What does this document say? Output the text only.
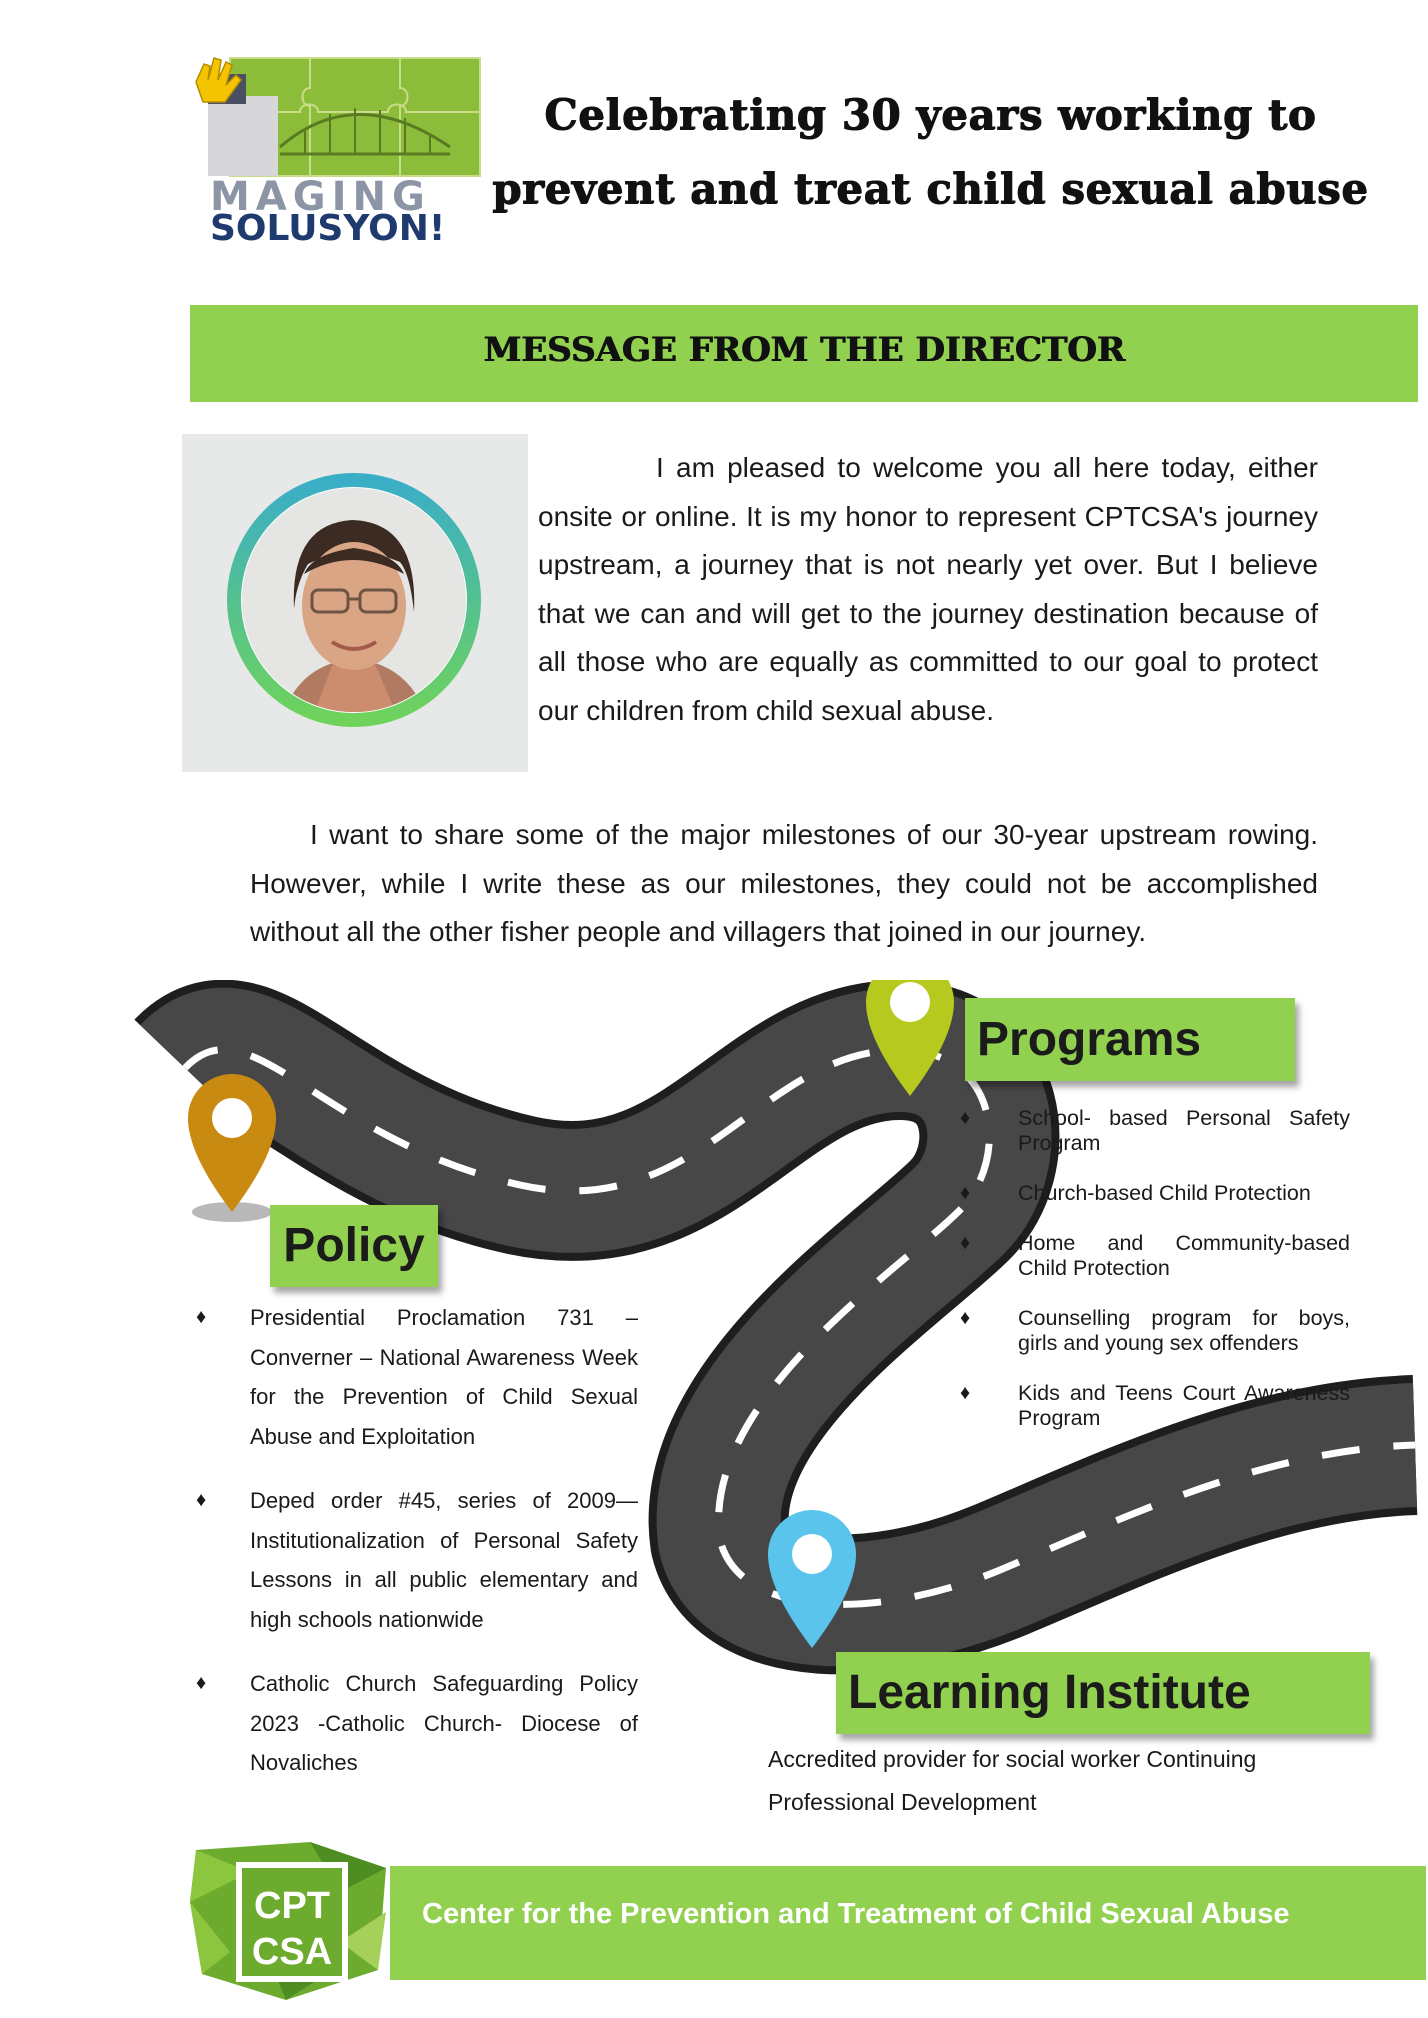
MAGING
SOLUSYON!
Celebrating 30 years working to
prevent and treat child sexual abuse
MESSAGE FROM THE DIRECTOR
I am pleased to welcome you all here today, either onsite or online. It is my honor to represent CPTCSA's journey upstream, a journey that is not nearly yet over. But I believe that we can and will get to the journey destination because of all those who are equally as committed to our goal to protect our children from child sexual abuse.
I want to share some of the major milestones of our 30-year upstream rowing. However, while I write these as our milestones, they could not be accomplished without all the other fisher people and villagers that joined in our journey.
Programs
Policy
Learning Institute
♦ School- based Personal Safety Program
♦ Church-based Child Protection
♦ Home and Community-based Child Protection
♦ Counselling program for boys, girls and young sex offenders
♦ Kids and Teens Court Awareness Program
♦ Presidential Proclamation 731 – Converner – National Awareness Week for the Prevention of Child Sexual Abuse and Exploitation
♦ Deped order #45, series of 2009—Institutionalization of Personal Safety Lessons in all public elementary and high schools nationwide
♦ Catholic Church Safeguarding Policy 2023 -Catholic Church- Diocese of Novaliches	Accredited provider for social worker Continuing Professional Development
CPT
CSA
Center for the Prevention and Treatment of Child Sexual Abuse
